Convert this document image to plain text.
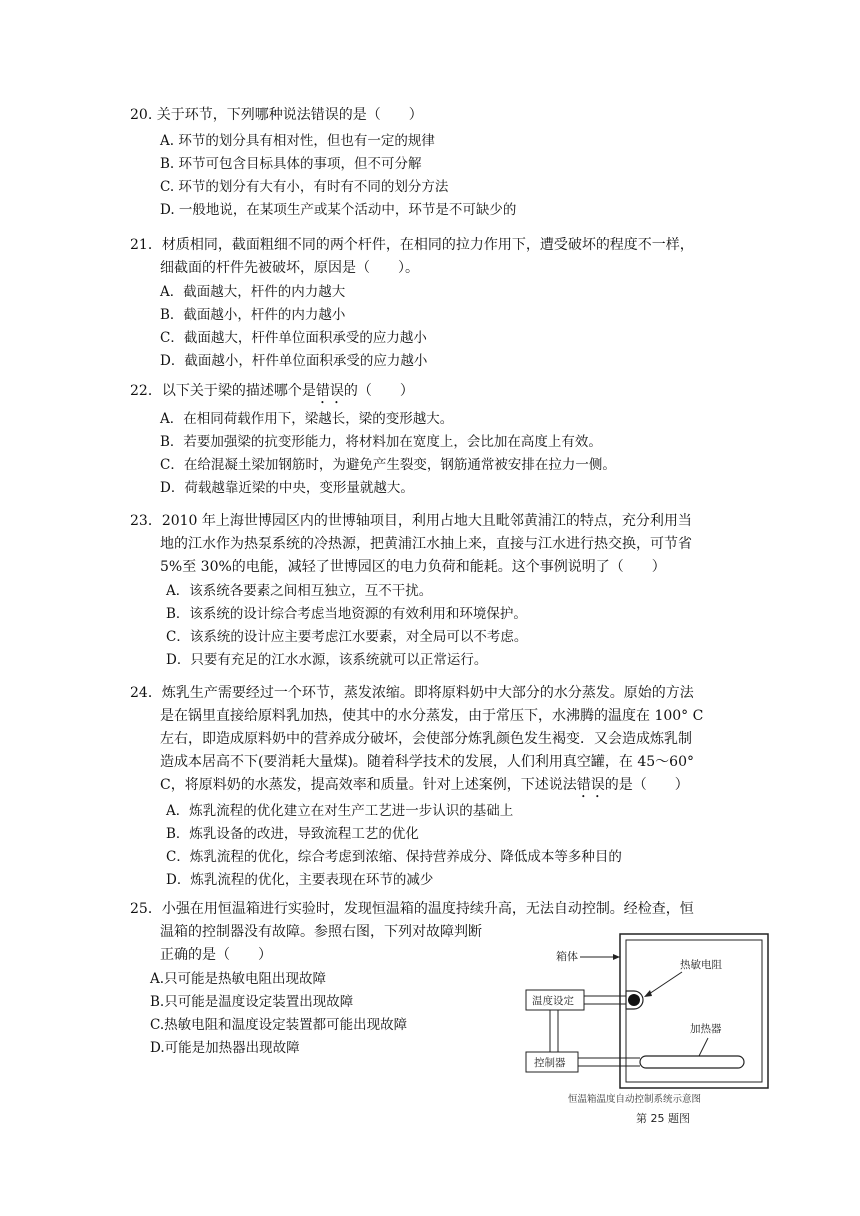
20. 关于环节，下列哪种说法错误的是（　　）
A. 环节的划分具有相对性，但也有一定的规律
B. 环节可包含目标具体的事项，但不可分解
C. 环节的划分有大有小，有时有不同的划分方法
D. 一般地说，在某项生产或某个活动中，环节是不可缺少的
21．材质相同，截面粗细不同的两个杆件，在相同的拉力作用下，遭受破坏的程度不一样，
细截面的杆件先被破坏，原因是（　　）。
A．截面越大，杆件的内力越大
B．截面越小，杆件的内力越小
C．截面越大，杆件单位面积承受的应力越小
D．截面越小，杆件单位面积承受的应力越小
22．以下关于梁的描述哪个是错误的（　　）
A．在相同荷载作用下，梁越长，梁的变形越大。
B．若要加强梁的抗变形能力，将材料加在宽度上，会比加在高度上有效。
C．在给混凝土梁加钢筋时，为避免产生裂变，钢筋通常被安排在拉力一侧。
D．荷载越靠近梁的中央，变形量就越大。
23．2010 年上海世博园区内的世博轴项目，利用占地大且毗邻黄浦江的特点，充分利用当
地的江水作为热泵系统的冷热源，把黄浦江水抽上来，直接与江水进行热交换，可节省
5%至 30%的电能，减轻了世博园区的电力负荷和能耗。这个事例说明了（　　）
A．该系统各要素之间相互独立，互不干扰。
B．该系统的设计综合考虑当地资源的有效利用和环境保护。
C．该系统的设计应主要考虑江水要素，对全局可以不考虑。
D．只要有充足的江水水源，该系统就可以正常运行。
24．炼乳生产需要经过一个环节，蒸发浓缩。即将原料奶中大部分的水分蒸发。原始的方法
是在锅里直接给原料乳加热，使其中的水分蒸发，由于常压下，水沸腾的温度在 100° C
左右，即造成原料奶中的营养成分破坏，会使部分炼乳颜色发生褐变．又会造成炼乳制
造成本居高不下(要消耗大量煤)。随着科学技术的发展，人们利用真空罐，在 45～60°
C，将原料奶的水蒸发，提高效率和质量。针对上述案例，下述说法错误的是（　　）
A．炼乳流程的优化建立在对生产工艺进一步认识的基础上
B．炼乳设备的改进，导致流程工艺的优化
C．炼乳流程的优化，综合考虑到浓缩、保持营养成分、降低成本等多种目的
D．炼乳流程的优化，主要表现在环节的减少
25．小强在用恒温箱进行实验时，发现恒温箱的温度持续升高，无法自动控制。经检查，恒
温箱的控制器没有故障。参照右图，下列对故障判断
正确的是（　　）
A.只可能是热敏电阻出现故障
B.只可能是温度设定装置出现故障
C.热敏电阻和温度设定装置都可能出现故障
D.可能是加热器出现故障
箱体
温度设定
热敏电阻
加热器
控制器
恒温箱温度自动控制系统示意图
第 25 题图
